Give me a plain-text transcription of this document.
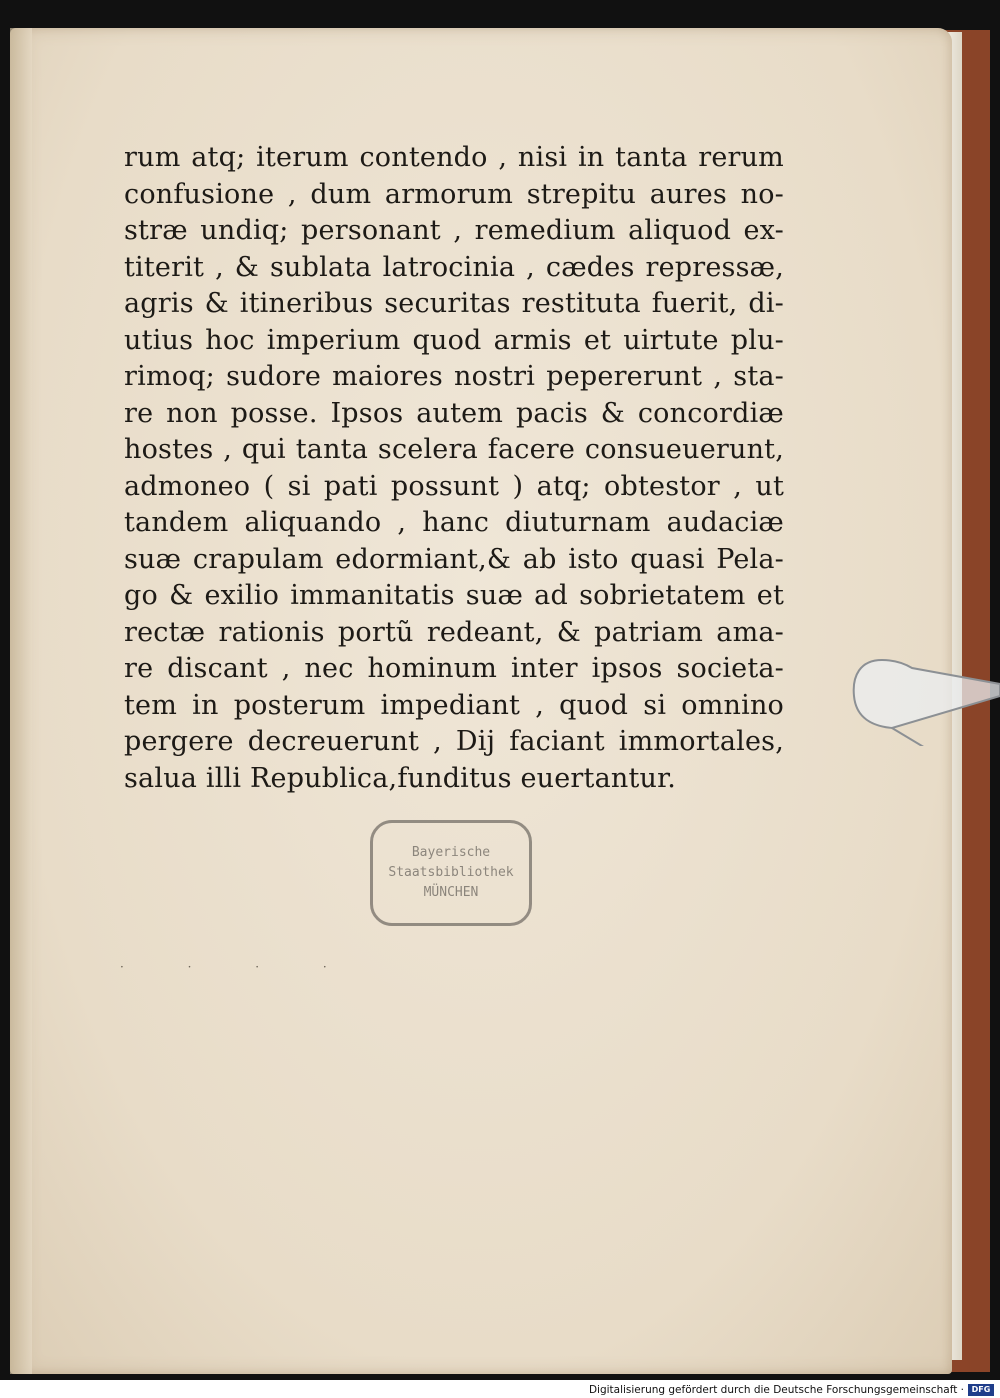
rum atq; iterum contendo , nisi in tanta rerum
confusione , dum armorum strepitu aures no-
stræ undiq; personant , remedium aliquod ex-
titerit , & sublata latrocinia , cædes repressæ,
agris & itineribus securitas restituta fuerit, di-
utius hoc imperium quod armis et uirtute plu-
rimoq; sudore maiores nostri pepererunt , sta-
re non posse. Ipsos autem pacis & concordiæ
hostes , qui tanta scelera facere consueuerunt,
admoneo ( si pati possunt ) atq; obtestor , ut
tandem aliquando , hanc diuturnam audaciæ
suæ crapulam edormiant,& ab isto quasi Pela-
go & exilio immanitatis suæ ad sobrietatem et
rectæ rationis portũ redeant, & patriam ama-
re discant , nec hominum inter ipsos societa-
tem in posterum impediant , quod si omnino
pergere decreuerunt , Dij faciant immortales,
salua illi Republica,funditus euertantur.
Bayerische
Staatsbibliothek
MÜNCHEN
· · · ·
Digitalisierung gefördert durch die Deutsche Forschungsgemeinschaft · DFG
